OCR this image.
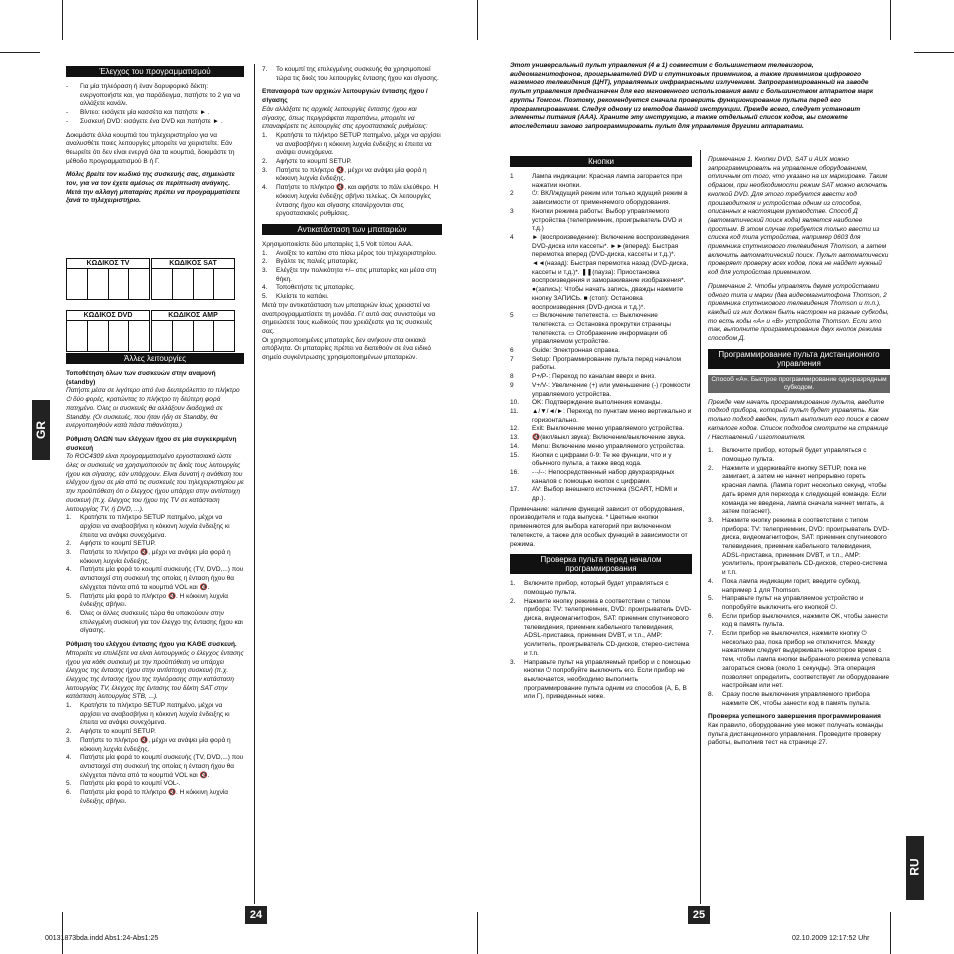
Έλεγχος του προγραμματισμού
-	Για μία τηλεόραση ή έναν δορυφορικό δέκτη: ενεργοποιήστε και, για παράδειγμα, πατήστε το 2 για να αλλάξετε κανάλι.
-	Βίντεο: εισάγετε μία κασσέτα και πατήστε ► .
-	Συσκευή DVD: εισάγετε ένα DVD και πατήστε ► .

Δοκιμάστε άλλα κουμπιά του τηλεχειριστηρίου για να αναλυσθέτε ποιες λειτουργίες μπορείτε να χειριστείτε. Εάν θεωρείτε ότι δεν είναι ενεργά όλα τα κουμπιά, δοκιμάστε τη μέθοδο προγραμματισμού Β ή Γ.

Μόλις βρείτε τον κωδικό της συσκευής σας, σημειώστε τον, για να τον έχετε αμέσως σε περίπτωση ανάγκης. Μετά την αλλαγή μπαταρίας πρέπει να προγραμματίσετε ξανά το τηλεχειριστήριο.

ΚΩΔΙΚΟΣ TV	ΚΩΔΙΚΟΣ SAT
ΚΩΔΙΚΟΣ DVD	ΚΩΔΙΚΟΣ AMP
Άλλες λειτουργίες

Τοποθέτηση όλων των συσκευών στην αναμονή (standby)

Πατήστε μέσα σε λιγότερο από ένα δευτερόλεπτο το πλήκτρο ⏻ δύο φορές, κρατώντας το πλήκτρο τη δεύτερη φορά πατημένο. Όλες οι συσκευές θα αλλάξουν διαδοχικά σε Standby. (Οι συσκευές, που ήταν ήδη σε Standby, θα ενεργοποιηθούν κατά πάσα πιθανότητα.)

Ρύθμιση ΟΛΩΝ των ελέγχων ήχου σε μία συγκεκριμένη συσκευή

Το ROC4309 είναι προγραμματισμένο εργοστασιακά ώστε όλες οι συσκευές να χρησιμοποιούν τις δικές τους λειτουργίες ήχου και σίγασης, εάν υπάρχουν. Είναι δυνατή η ανάθεση του ελέγχου ήχου σε μία από τις συσκευές του τηλεχειριστηρίου με την προϋπόθεση ότι ο έλεγχος ήχου υπάρχει στην αντίστοιχη συσκευή (π.χ. έλεγχος του ήχου της TV σε κατάσταση λειτουργίας TV, ή DVD, ...).

1.	Κρατήστε το πλήκτρο SETUP πατημένο, μέχρι να αρχίσει να αναβοσβήνει η κόκκινη λυχνία ένδειξης κι έπειτα να ανάψει συνεχόμενα.
2.	Αφήστε το κουμπί SETUP.
3.	Πατήστε το πλήκτρο 🔇, μέχρι να ανάψει μία φορά η κόκκινη λυχνία ένδειξης.
4.	Πατήστε μία φορά το κουμπί συσκευής (TV, DVD,...) που αντιστοιχεί στη συσκευή της οποίας η ένταση ήχου θα ελέγχεται πάντα από τα κουμπιά VOL και 🔇.
5.	Πατήστε μία φορά το πλήκτρο 🔇. Η κόκκινη λυχνία ένδειξης σβήνει.
6.	Όλες οι άλλες συσκευές τώρα θα υπακούουν στην επιλεγμένη συσκευή για τον έλεγχο της έντασης ήχου και σίγασης.

Ρύθμιση του ελέγχου έντασης ήχου για ΚΑΘΕ συσκευή.

Μπορείτε να επιλέξετε να είναι λειτουργικός ο έλεγχος έντασης ήχου για κάθε συσκευή με την προϋπόθεση να υπάρχει έλεγχος της έντασης ήχου στην αντίστοιχη συσκευή (π.χ. έλεγχος της έντασης ήχου της τηλεόρασης στην κατάσταση λειτουργίας TV, έλεγχος της έντασης του δέκτη SAT στην κατάσταση λειτουργίας STB, ...).

1.	Κρατήστε το πλήκτρο SETUP πατημένο, μέχρι να αρχίσει να αναβοσβήνει η κόκκινη λυχνία ένδειξης κι έπειτα να ανάψει συνεχόμενα.
2.	Αφήστε το κουμπί SETUP.
3.	Πατήστε το πλήκτρο 🔇, μέχρι να ανάψει μία φορά η κόκκινη λυχνία ένδειξης.
4.	Πατήστε μία φορά το κουμπί συσκευής (TV, DVD,...) που αντιστοιχεί στη συσκευή της οποίας η ένταση ήχου θα ελέγχεται πάντα από τα κουμπιά VOL και 🔇.
5.	Πατήστε μία φορά το κουμπί VOL-.
6.	Πατήστε μία φορά το πλήκτρο 🔇. Η κόκκινη λυχνία ένδειξης σβήνει.
7.	Το κουμπί της επιλεγμένης συσκευής θα χρησιμοποιεί τώρα τις δικές του λειτουργίες έντασης ήχου και σίγασης.

Επαναφορά των αρχικών λειτουργιών έντασης ήχου / σίγασης

Εάν αλλάξατε τις αρχικές λειτουργίες έντασης ήχου και σίγασης, όπως περιγράφεται παραπάνω, μπορείτε να επαναφέρετε τις λειτουργίες στις εργοστασιακές ρυθμίσεις:

1.	Κρατήστε το πλήκτρο SETUP πατημένο, μέχρι να αρχίσει να αναβοσβήνει η κόκκινη λυχνία ένδειξης κι έπειτα να ανάψει συνεχόμενα.
2.	Αφήστε το κουμπί SETUP.
3.	Πατήστε το πλήκτρο 🔇, μέχρι να ανάψει μία φορά η κόκκινη λυχνία ένδειξης.
4.	Πατήστε το πλήκτρο 🔇, και αφήστε το πάλι ελεύθερο. Η κόκκινη λυχνία ένδειξης σβήνει τελείως. Οι λειτουργίες έντασης ήχου και σίγασης επανέρχονται στις εργοστασιακές ρυθμίσεις.
Αντικατάσταση των μπαταριών

Χρησιμοποιείστε δύο μπαταρίες 1,5 Volt τύπου AAA.

1.	Ανοίξτε το καπάκι στο πίσω μέρος του τηλεχειριστηρίου.
2.	Βγάλτε τις παλιές μπαταρίες.
3.	Ελέγξτε την πολικότητα +/– στις μπαταρίες και μέσα στη θήκη.
4.	Τοποθετήστε τις μπαταρίες.
5.	Κλείστε το καπάκι.

Μετά την αντικατάσταση των μπαταριών ίσως χρειαστεί να αναπρογραμματίσετε τη μονάδα. Γι' αυτό σας συνιστούμε να σημειώσετε τους κωδικούς που χρειάζεστε για τις συσκευές σας.

Οι χρησιμοποιημένες μπαταρίες δεν ανήκουν στα οικιακά απόβλητα. Οι μπαταρίες πρέπει να διατεθούν σε ένα ειδικό σημείο συγκέντρωσης χρησιμοποιημένων μπαταριών.

GR
24
00131873bda.indd Abs1:24-Abs1:25

Этот универсальный пульт управления (4 в 1) совместим с большинством телевизоров, видеомагнитофонов, проигрывателей DVD и спутниковых приемников, а также приемников цифрового наземного телевидения (ЦНТ), управляемых инфракрасными излучением. Запрограммированный на заводе пульт управления предназначен для его мгновенного использования вами с большинством аппаратов марк группы Томсон. Поэтому, рекомендуется сначала проверить функционирование пульта перед его программированием. Следуя одному из методов данной инструкции. Прежде всего, следует установит элементы питания (AAA). Храните эту инструкцию, а также отдельный список кодов, вы сможете впоследствии заново запрограммировать пульт для управления другими аппаратами.

Кнопки
1	Лампа индикации: Красная лампа загорается при нажатии кнопки.
2	⏻: ВКЛ/ждущий режим или только ждущий режим в зависимости от применяемого оборудования.
3	Кнопки режима работы: Выбор управляемого устройства (телеприемник, проигрыватель DVD и т.д.)
4	► (воспроизведение): Включение воспроизведения DVD-диска или кассеты*. ►►(вперед): Быстрая перемотка вперед (DVD-диска, кассеты и т.д.)*. ◄◄(назад): Быстрая перемотка назад (DVD-диска, кассеты и т.д.)*. ❚❚(пауза): Приостановка воспроизведения и замораживание изображения*. ●(запись): Чтобы начать запись, дважды нажмите кнопку ЗАПИСЬ. ■ (стоп): Остановка воспроизведения (DVD-диска и т.д.)*.
5	▭ Включение телетекста. ▭ Выключение телетекста. ▭ Остановка прокрутки страницы телетекста. ▭ Отображение информации об управляемом устройстве.
6	Guide: Электронная справка.
7	Setup: Программирование пульта перед началом работы.
8	P+/P-: Переход по каналам вверх и вниз.
9	V+/V-: Увеличение (+) или уменьшение (-) громкости управляемого устройства.
10.	OK: Подтверждение выполнения команды.
11.	▲/▼/◄/►: Переход по пунктам меню вертикально и горизонтально.
12.	Exit: Выключение меню управляемого устройства.
13.	🔇(вкл/выкл звука): Включение/выключение звука.
14.	Menu: Включение меню управляемого устройства.
15.	Кнопки с цифрами 0-9: Те же функции, что и у обычного пульта, а также ввод кода.
16.	-·-/--: Непосредственный набор двухразрядных каналов с помощью кнопок с цифрами.
17.	AV: Выбор внешнего источника (SCART, HDMI и др.).

Примечание: наличие функций зависит от оборудования, производителя и года выпуска. * Цветные кнопки применяются для выбора категорий при включенном телетексте, а также для особых функций в зависимости от режима.

Проверка пульта перед началом программирования
1.	Включите прибор, который будет управляться с помощью пульта.
2.	Нажмите кнопку режима в соответствии с типом прибора: TV: телеприемник, DVD: проигрыватель DVD-диска, видеомагнитофон, SAT: приемник спутникового телевидения, приемник кабельного телевидения, ADSL-приставка, приемник DVBT, и т.п., AMP: усилитель, проигрыватель CD-дисков, стерео-система и т.п.
3.	Направьте пульт на управляемый прибор и с помощью кнопки ⏻ попробуйте выключить его. Если прибор не выключается, необходимо выполнить программирование пульта одним из способов (А, Б, В или Г), приведенных ниже.

Примечание 1. Кнопки DVD, SAT и AUX можно запрограммировать на управление оборудованием, отличным от того, что указано на их маркировке. Таким образом, при необходимости режим SAT можно включать кнопкой DVD. Для этого требуется ввести код производителя и устройства одним из способов, описанных в настоящем руководстве. Способ Д (автоматический поиск кода) является наиболее простым. В этом случае требуется только ввести из списка код типа устройства, например 0603 для приемника спутникового телевидения Thomson, а затем включить автоматический поиск. Пульт автоматически проверяет проверку всех кодов, пока не найдет нужный код для устройства приемником.

Примечание 2. Чтобы управлять двумя устройствами одного типа и марки (два видеомагнитофона Thomson, 2 приемника спутникового телевидения Thomson и т.п.), каждый из них должен быть настроен на разные субкоды, то есть коды «A» и «B» устройств Thomson. Если это так, выполните программирование двух кнопок режима способом Д.

Программирование пульта дистанционного управления
Способ «А». Быстрое программирование одноразрядным субкодом.

Прежде чем начать программирование пульта, введите подход прибора, который пульт будет управлять. Как только подход введен, пульт выполнит его поиск в своем каталоге кодов. Список подходов смотрите на странице / Наставлений / изготовителя.

1.	Включите прибор, который будет управляться с помощью пульта.
2.	Нажмите и удерживайте кнопку SETUP, пока не замигает, а затем не начнет непрерывно гореть красная лампа. (Лампа горит несколько секунд, чтобы дать время для перехода к следующей команде. Если команда не введена, лампа сначала начнет мигать, а затем погаснет).
3.	Нажмите кнопку режима в соответствии с типом прибора: TV: телеприемник, DVD: проигрыватель DVD-диска, видеомагнитофон, SAT: приемник спутникового телевидения, приемник кабельного телевидения, ADSL-приставка, приемник DVBT, и т.п., AMP: усилитель, проигрыватель CD-дисков, стерео-система и т.п.
4.	Пока лампа индикации горит, введите субкод, например 1 для Thomson.
5.	Направьте пульт на управляемое устройство и попробуйте выключить его кнопкой ⏻.
6.	Если прибор выключился, нажмите OK, чтобы занести код в память пульта.
7.	Если прибор не выключился, нажмите кнопку ⏻ несколько раз, пока прибор не отключится. Между нажатиями следует выдерживать некоторое время с тем, чтобы лампа кнопки выбранного режима успевала загораться снова (около 1 секунды). Эта операция позволяет определить, соответствует ли оборудование настройкам или нет.
8.	Сразу после выключения управляемого прибора нажмите OK, чтобы занести код в память пульта.

Проверка успешного завершения программирования

Как правило, оборудование уже может получать команды пульта дистанционного управления. Проведите проверку работы, выполнив тест на странице 27.

RU
25
02.10.2009 12:17:52 Uhr
